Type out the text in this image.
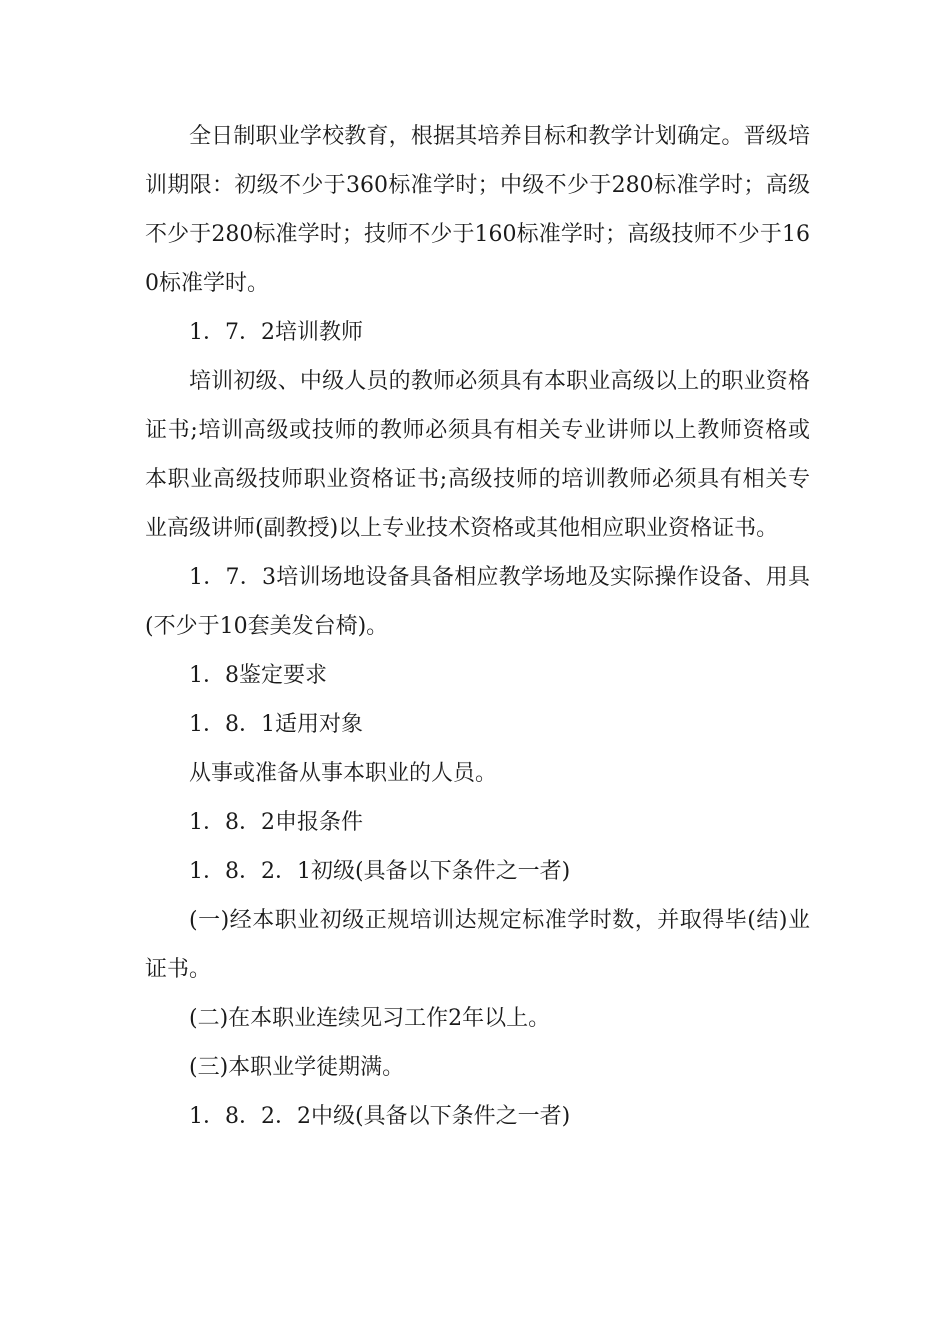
全日制职业学校教育，根据其培养目标和教学计划确定。晋级培训期限：初级不少于360标准学时；中级不少于280标准学时；高级不少于280标准学时；技师不少于160标准学时；高级技师不少于160标准学时。

1．7．2培训教师

培训初级、中级人员的教师必须具有本职业高级以上的职业资格证书;培训高级或技师的教师必须具有相关专业讲师以上教师资格或本职业高级技师职业资格证书;高级技师的培训教师必须具有相关专业高级讲师(副教授)以上专业技术资格或其他相应职业资格证书。

1．7．3培训场地设备具备相应教学场地及实际操作设备、用具(不少于10套美发台椅)。

1．8鉴定要求

1．8．1适用对象

从事或准备从事本职业的人员。

1．8．2申报条件

1．8．2．1初级(具备以下条件之一者)

(一)经本职业初级正规培训达规定标准学时数，并取得毕(结)业证书。

(二)在本职业连续见习工作2年以上。

(三)本职业学徒期满。

1．8．2．2中级(具备以下条件之一者)
